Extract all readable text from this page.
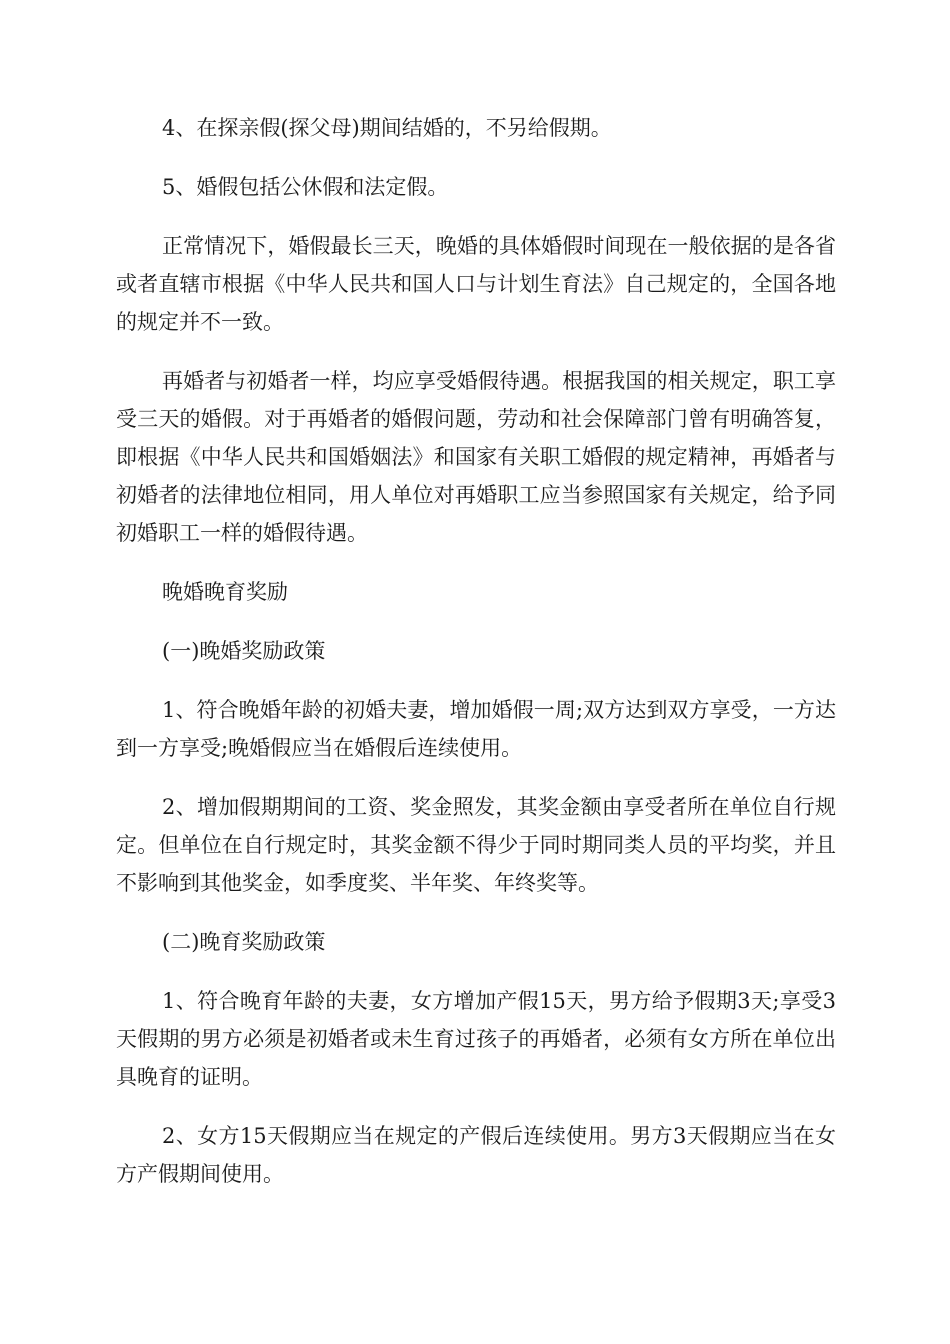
4、在探亲假(探父母)期间结婚的，不另给假期。

5、婚假包括公休假和法定假。

正常情况下，婚假最长三天，晚婚的具体婚假时间现在一般依据的是各省或者直辖市根据《中华人民共和国人口与计划生育法》自己规定的，全国各地的规定并不一致。

再婚者与初婚者一样，均应享受婚假待遇。根据我国的相关规定，职工享受三天的婚假。对于再婚者的婚假问题，劳动和社会保障部门曾有明确答复，即根据《中华人民共和国婚姻法》和国家有关职工婚假的规定精神，再婚者与初婚者的法律地位相同，用人单位对再婚职工应当参照国家有关规定，给予同初婚职工一样的婚假待遇。

晚婚晚育奖励

(一)晚婚奖励政策

1、符合晚婚年龄的初婚夫妻，增加婚假一周;双方达到双方享受，一方达到一方享受;晚婚假应当在婚假后连续使用。

2、增加假期期间的工资、奖金照发，其奖金额由享受者所在单位自行规定。但单位在自行规定时，其奖金额不得少于同时期同类人员的平均奖，并且不影响到其他奖金，如季度奖、半年奖、年终奖等。

(二)晚育奖励政策

1、符合晚育年龄的夫妻，女方增加产假15天，男方给予假期3天;享受3天假期的男方必须是初婚者或未生育过孩子的再婚者，必须有女方所在单位出具晚育的证明。

2、女方15天假期应当在规定的产假后连续使用。男方3天假期应当在女方产假期间使用。
